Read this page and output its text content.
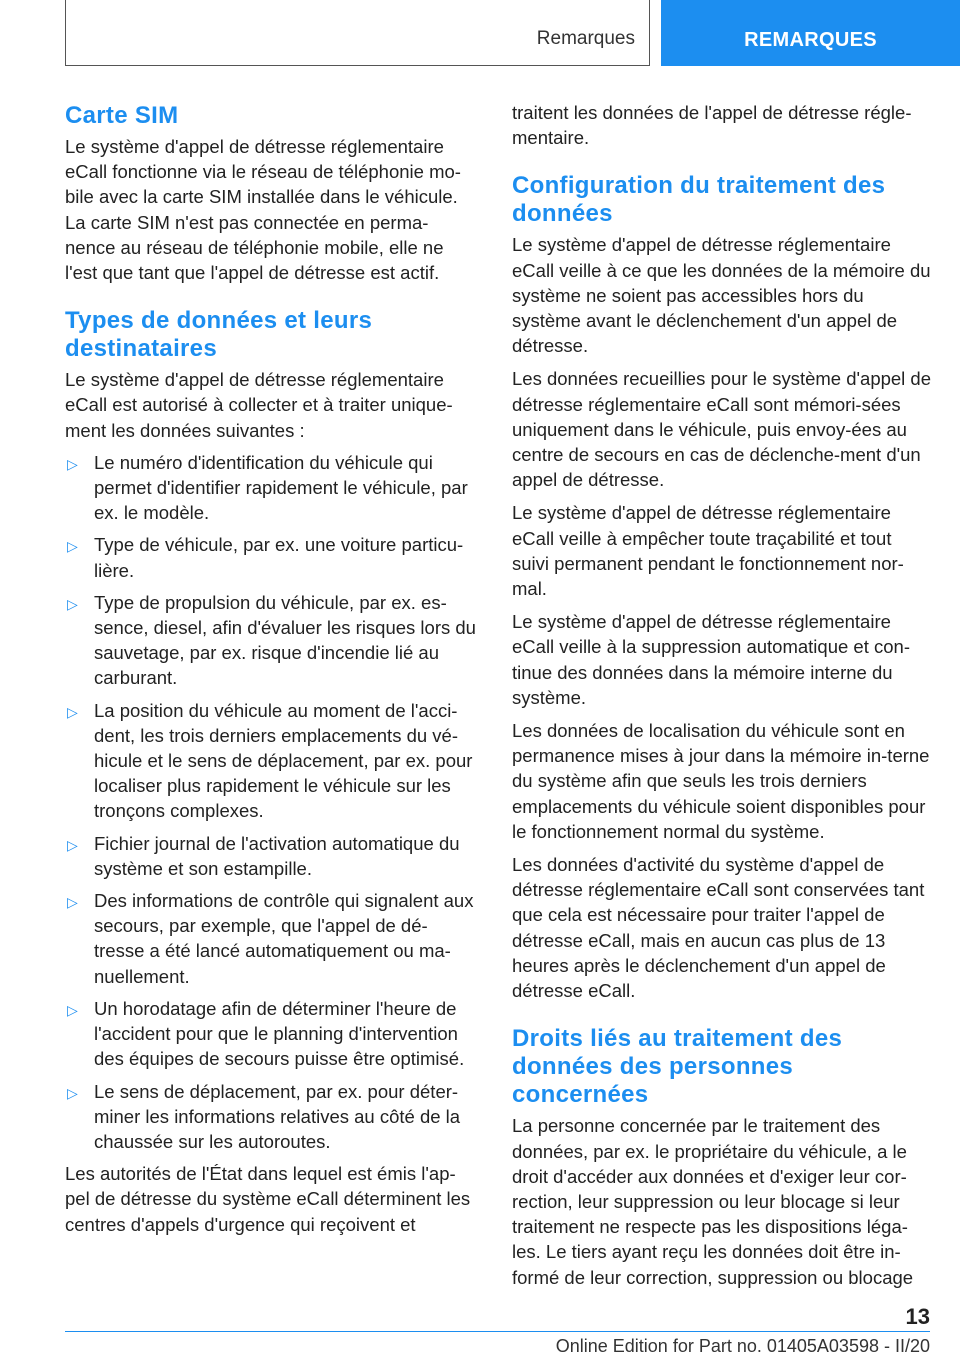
Remarques	REMARQUES
Carte SIM

Le système d'appel de détresse réglementaire eCall fonctionne via le réseau de téléphonie mo-bile avec la carte SIM installée dans le véhicule. La carte SIM n'est pas connectée en perma-nence au réseau de téléphonie mobile, elle ne l'est que tant que l'appel de détresse est actif.

Types de données et leurs destinataires

Le système d'appel de détresse réglementaire eCall est autorisé à collecter et à traiter unique-ment les données suivantes :

▷ Le numéro d'identification du véhicule qui permet d'identifier rapidement le véhicule, par ex. le modèle.
▷ Type de véhicule, par ex. une voiture particu-lière.
▷ Type de propulsion du véhicule, par ex. es-sence, diesel, afin d'évaluer les risques lors du sauvetage, par ex. risque d'incendie lié au carburant.
▷ La position du véhicule au moment de l'acci-dent, les trois derniers emplacements du vé-hicule et le sens de déplacement, par ex. pour localiser plus rapidement le véhicule sur les tronçons complexes.
▷ Fichier journal de l'activation automatique du système et son estampille.
▷ Des informations de contrôle qui signalent aux secours, par exemple, que l'appel de dé-tresse a été lancé automatiquement ou ma-nuellement.
▷ Un horodatage afin de déterminer l'heure de l'accident pour que le planning d'intervention des équipes de secours puisse être optimisé.
▷ Le sens de déplacement, par ex. pour déter-miner les informations relatives au côté de la chaussée sur les autoroutes.

Les autorités de l'État dans lequel est émis l'ap-pel de détresse du système eCall déterminent les centres d'appels d'urgence qui reçoivent et

traitent les données de l'appel de détresse régle-mentaire.

Configuration du traitement des données

Le système d'appel de détresse réglementaire eCall veille à ce que les données de la mémoire du système ne soient pas accessibles hors du système avant le déclenchement d'un appel de détresse.

Les données recueillies pour le système d'appel de détresse réglementaire eCall sont mémori-sées uniquement dans le véhicule, puis envoy-ées au centre de secours en cas de déclenche-ment d'un appel de détresse.

Le système d'appel de détresse réglementaire eCall veille à empêcher toute traçabilité et tout suivi permanent pendant le fonctionnement nor-mal.

Le système d'appel de détresse réglementaire eCall veille à la suppression automatique et con-tinue des données dans la mémoire interne du système.

Les données de localisation du véhicule sont en permanence mises à jour dans la mémoire in-terne du système afin que seuls les trois derniers emplacements du véhicule soient disponibles pour le fonctionnement normal du système.

Les données d'activité du système d'appel de détresse réglementaire eCall sont conservées tant que cela est nécessaire pour traiter l'appel de détresse eCall, mais en aucun cas plus de 13 heures après le déclenchement d'un appel de détresse eCall.

Droits liés au traitement des données des personnes concernées

La personne concernée par le traitement des données, par ex. le propriétaire du véhicule, a le droit d'accéder aux données et d'exiger leur cor-rection, leur suppression ou leur blocage si leur traitement ne respecte pas les dispositions léga-les. Le tiers ayant reçu les données doit être in-formé de leur correction, suppression ou blocage

13
Online Edition for Part no. 01405A03598 - II/20
